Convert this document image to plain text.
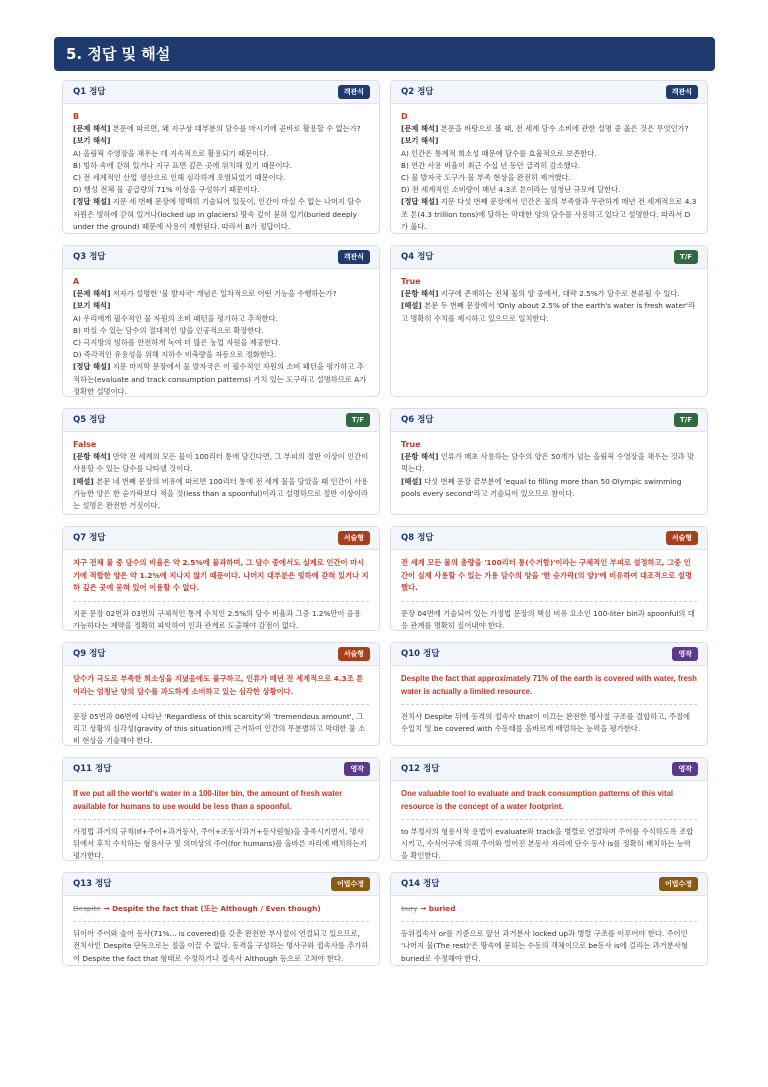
5. 정답 및 해설
Q1 정답	객관식
B
[문제 해석] 본문에 따르면, 왜 지구상 대부분의 담수를 마시기에 곧바로 활용할 수 없는가?
[보기 해석]
A) 올림픽 수영장을 채우는 데 지속적으로 활용되기 때문이다.
B) 빙하 속에 갇혀 있거나 지구 표면 깊은 곳에 위치해 있기 때문이다.
C) 전 세계적인 산업 생산으로 인해 심각하게 오염되었기 때문이다.
D) 행성 전체 물 공급량의 71% 이상을 구성하기 때문이다.
[정답 해설] 지문 세 번째 문장에 명백히 기술되어 있듯이, 인간이 마실 수 없는 나머지 담수 자원은 빙하에 갇혀 있거나(locked up in glaciers) 땅속 깊이 묻혀 있기(buried deeply under the ground) 때문에 사용이 제한된다. 따라서 B가 정답이다.
Q2 정답	객관식
D
[문제 해석] 본문을 바탕으로 볼 때, 전 세계 담수 소비에 관한 설명 중 옳은 것은 무엇인가?
[보기 해석]
A) 인간은 통계적 희소성 때문에 담수를 효율적으로 보존한다.
B) 연간 사용 비율이 최근 수십 년 동안 급격히 감소했다.
C) 물 발자국 도구가 물 부족 현상을 완전히 제거했다.
D) 전 세계적인 소비량이 매년 4.3조 톤이라는 엄청난 규모에 달한다.
[정답 해설] 지문 다섯 번째 문장에서 인간은 물의 부족함과 무관하게 매년 전 세계적으로 4.3조 톤(4.3 trillion tons)에 달하는 막대한 양의 담수를 사용하고 있다고 설명한다. 따라서 D가 옳다.
Q3 정답	객관식
A
[문제 해석] 저자가 설명한 '물 발자국' 개념은 일차적으로 어떤 기능을 수행하는가?
[보기 해석]
A) 우리에게 필수적인 물 자원의 소비 패턴을 평가하고 추적한다.
B) 마실 수 있는 담수의 절대적인 양을 인공적으로 확장한다.
C) 극지방의 빙하를 안전하게 녹여 더 많은 농업 자원을 제공한다.
D) 즉각적인 유용성을 위해 지하수 비축량을 자동으로 정화한다.
[정답 해설] 지문 마지막 문장에서 물 발자국은 이 필수적인 자원의 소비 패턴을 평가하고 추적하는(evaluate and track consumption patterns) 가치 있는 도구라고 설명하므로 A가 정확한 설명이다.
Q4 정답	T/F
True
[문항 해석] 지구에 존재하는 전체 물의 양 중에서, 대략 2.5%가 담수로 분류될 수 있다.
[해설] 본문 두 번째 문장에서 'Only about 2.5% of the earth's water is fresh water'라고 명확히 수치를 제시하고 있으므로 일치한다.
Q5 정답	T/F
False
[문항 해석] 만약 전 세계의 모든 물이 100리터 통에 담긴다면, 그 부피의 절반 이상이 인간이 사용할 수 있는 담수를 나타낼 것이다.
[해설] 본문 네 번째 문장의 비유에 따르면 100리터 통에 전 세계 물을 담았을 때 인간이 사용 가능한 양은 한 숟가락보다 적을 것(less than a spoonful)이라고 설명하므로 절반 이상이라는 설명은 완전한 거짓이다.
Q6 정답	T/F
True
[문항 해석] 인류가 매초 사용하는 담수의 양은 50개가 넘는 올림픽 수영장을 채우는 것과 맞먹는다.
[해설] 다섯 번째 문장 끝부분에 'equal to filling more than 50 Olympic swimming pools every second'라고 기술되어 있으므로 참이다.
Q7 정답	서술형
지구 전체 물 중 담수의 비율은 약 2.5%에 불과하며, 그 담수 중에서도 실제로 인간이 마시기에 적합한 양은 약 1.2%에 지나지 않기 때문이다. 나머지 대부분은 빙하에 갇혀 있거나 지하 깊은 곳에 묻혀 있어 이용할 수 없다.
지문 문장 02번과 03번의 구체적인 통계 수치인 2.5%의 담수 비율과 그중 1.2%만이 음용 가능하다는 제약을 정확히 파악하여 인과 관계로 도출해야 감점이 없다.
Q8 정답	서술형
전 세계 모든 물의 총량을 '100리터 통(수거함)'이라는 구체적인 부피로 설정하고, 그중 인간이 실제 사용할 수 있는 가용 담수의 양을 '한 숟가락(의 양)'에 비유하여 대조적으로 설명했다.
문장 04번에 기술되어 있는 가정법 문장의 핵심 비유 요소인 100-liter bin과 spoonful의 대응 관계를 명확히 짚어내야 한다.
Q9 정답	서술형
담수가 극도로 부족한 희소성을 지녔음에도 불구하고, 인류가 매년 전 세계적으로 4.3조 톤이라는 엄청난 양의 담수를 과도하게 소비하고 있는 심각한 상황이다.
문장 05번과 06번에 나타난 'Regardless of this scarcity'와 'tremendous amount', 그리고 상황의 심각성(gravity of this situation)에 근거하여 인간의 무분별하고 막대한 물 소비 현상을 기술해야 한다.
Q10 정답	영작
Despite the fact that approximately 71% of the earth is covered with water, fresh water is actually a limited resource.
전치사 Despite 뒤에 동격의 접속사 that이 이끄는 완전한 명사절 구조를 결합하고, 주절에 수일치 및 be covered with 수동태를 올바르게 배열하는 능력을 평가한다.
Q11 정답	영작
If we put all the world's water in a 100-liter bin, the amount of fresh water available for humans to use would be less than a spoonful.
가정법 과거의 규칙(If+주어+과거동사, 주어+조동사과거+동사원형)을 충족시키면서, 명사 뒤에서 후치 수식하는 형용사구 및 의미상의 주어(for humans)를 올바른 자리에 배치하는지 평가한다.
Q12 정답	영작
One valuable tool to evaluate and track consumption patterns of this vital resource is the concept of a water footprint.
to 부정사의 형용사적 용법이 evaluate와 track을 병렬로 연결하며 주어를 수식하도록 조합시키고, 수식어구에 의해 주어와 멀어진 본동사 자리에 단수 동사 is를 정확히 배치하는 능력을 확인한다.
Q13 정답	어법수정
Despite → Despite the fact that (또는 Although / Even though)
뒤이어 주어와 술어 동사(71%... is covered)를 갖춘 완전한 부사절이 연결되고 있으므로, 전치사인 Despite 단독으로는 절을 이끌 수 없다. 동격을 구성하는 명사구와 접속사를 추가하여 Despite the fact that 형태로 수정하거나 접속사 Although 등으로 고쳐야 한다.
Q14 정답	어법수정
bury → buried
등위접속사 or를 기준으로 앞선 과거분사 locked up과 병렬 구조를 이루어야 한다. 주어인 '나머지 물(The rest)'은 땅속에 묻히는 수동의 객체이므로 be동사 is에 걸리는 과거분사형 buried로 수정해야 한다.
